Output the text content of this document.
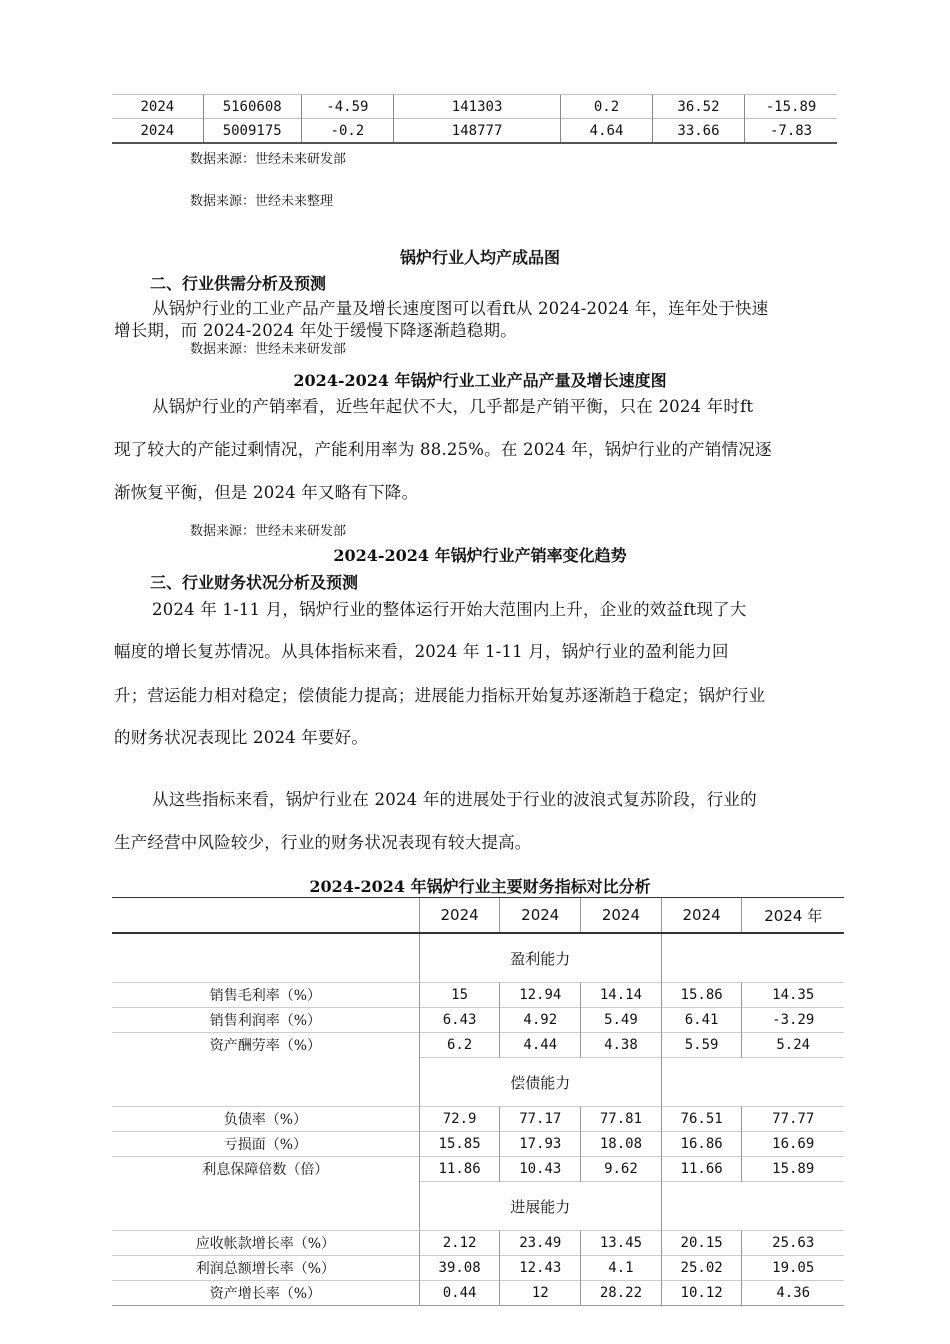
2024	5160608	-4.59	141303	0.2	36.52	-15.89
2024	5009175	-0.2	148777	4.64	33.66	-7.83
数据来源：世经未来研发部
数据来源：世经未来整理
锅炉行业人均产成品图
二、行业供需分析及预测
从锅炉行业的工业产品产量及增长速度图可以看ft从 2024-2024 年，连年处于快速
增长期，而 2024-2024 年处于缓慢下降逐渐趋稳期。
数据来源：世经未来研发部
2024-2024 年锅炉行业工业产品产量及增长速度图
从锅炉行业的产销率看，近些年起伏不大，几乎都是产销平衡，只在 2024 年时ft
现了较大的产能过剩情况，产能利用率为 88.25%。在 2024 年，锅炉行业的产销情况逐
渐恢复平衡，但是 2024 年又略有下降。
数据来源：世经未来研发部
2024-2024 年锅炉行业产销率变化趋势
三、行业财务状况分析及预测
2024 年 1-11 月，锅炉行业的整体运行开始大范围内上升，企业的效益ft现了大
幅度的增长复苏情况。从具体指标来看，2024 年 1-11 月，锅炉行业的盈利能力回
升；营运能力相对稳定；偿债能力提高；进展能力指标开始复苏逐渐趋于稳定；锅炉行业
的财务状况表现比 2024 年要好。
从这些指标来看，锅炉行业在 2024 年的进展处于行业的波浪式复苏阶段，行业的
生产经营中风险较少，行业的财务状况表现有较大提高。
2024-2024 年锅炉行业主要财务指标对比分析
	2024	2024	2024	2024	2024 年
	盈利能力				
销售毛利率（%）	15	12.94	14.14	15.86	14.35
销售利润率（%）	6.43	4.92	5.49	6.41	-3.29
资产酬劳率（%）	6.2	4.44	4.38	5.59	5.24
	偿债能力				
负债率（%）	72.9	77.17	77.81	76.51	77.77
亏损面（%）	15.85	17.93	18.08	16.86	16.69
利息保障倍数（倍）	11.86	10.43	9.62	11.66	15.89
	进展能力				
应收帐款增长率（%）	2.12	23.49	13.45	20.15	25.63
利润总额增长率（%）	39.08	12.43	4.1	25.02	19.05
资产增长率（%）	0.44	12	28.22	10.12	4.36
